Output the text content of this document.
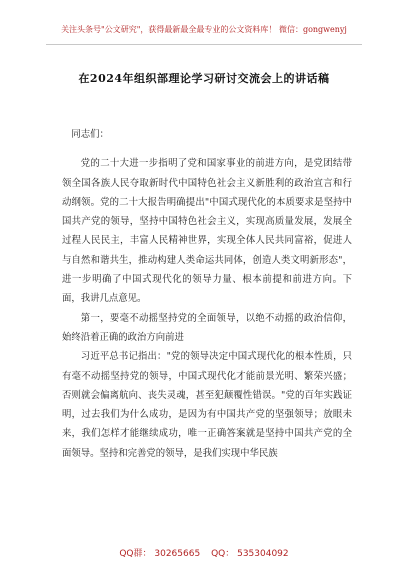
关注头条号"公文研究"，获得最新最全最专业的公文资料库！ 微信：gongwenyj
在2024年组织部理论学习研讨交流会上的讲话稿

同志们：

党的二十大进一步指明了党和国家事业的前进方向，是党团结带领全国各族人民夺取新时代中国特色社会主义新胜利的政治宣言和行动纲领。党的二十大报告明确提出"中国式现代化的本质要求是坚持中国共产党的领导，坚持中国特色社会主义，实现高质量发展，发展全过程人民民主，丰富人民精神世界，实现全体人民共同富裕，促进人与自然和谐共生，推动构建人类命运共同体，创造人类文明新形态"，进一步明确了中国式现代化的领导力量、根本前提和前进方向。下面，我讲几点意见。

第一，要毫不动摇坚持党的全面领导，以绝不动摇的政治信仰，始终沿着正确的政治方向前进

习近平总书记指出："党的领导决定中国式现代化的根本性质，只有毫不动摇坚持党的领导，中国式现代化才能前景光明、繁荣兴盛；否则就会偏离航向、丧失灵魂，甚至犯颠覆性错误。"党的百年实践证明，过去我们为什么成功，是因为有中国共产党的坚强领导；放眼未来，我们怎样才能继续成功，唯一正确答案就是坚持中国共产党的全面领导。坚持和完善党的领导，是我们实现中华民族

QQ群： 30265665 QQ： 535304092
